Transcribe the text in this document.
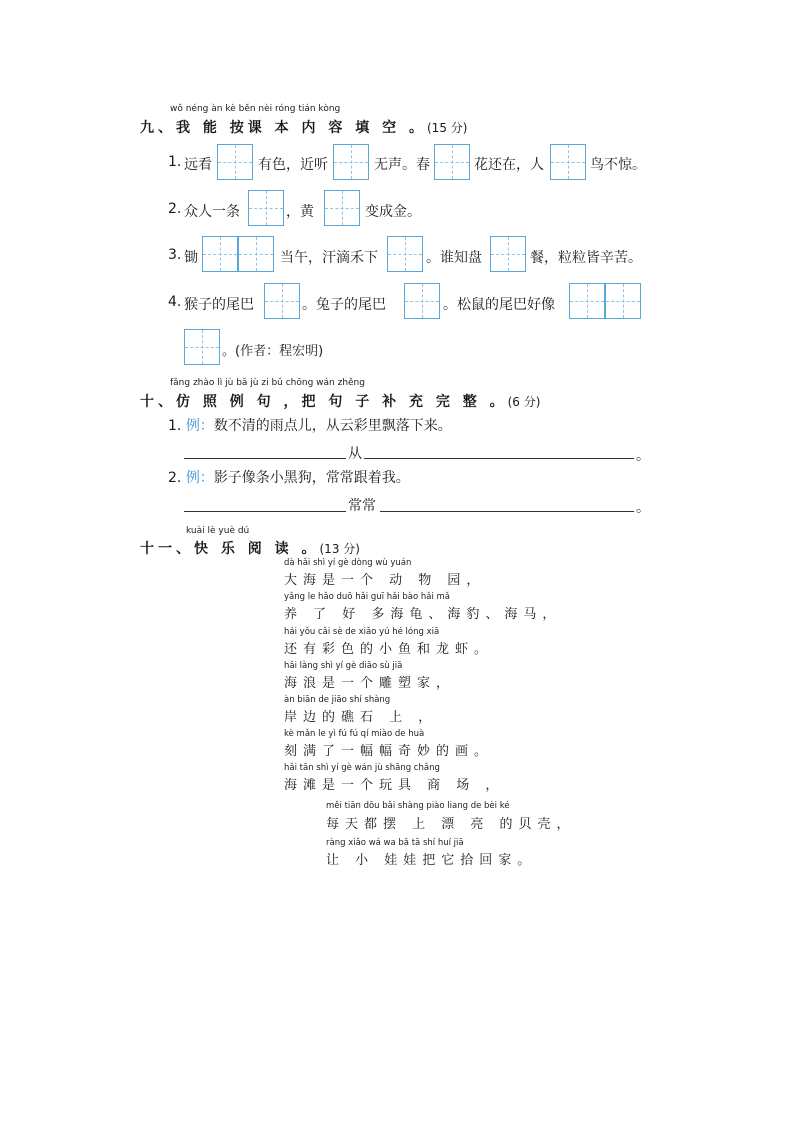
wǒ néng àn kè běn nèi róng tián kòng
九、我 能 按课 本 内 容 填 空 。(15 分)
1. 远看	有色，近听	无声。春	花还在，人	鸟不惊。
2. 众人一条	，黄	变成金。
3. 锄	当午，汗滴禾下	。谁知盘	餐，粒粒皆辛苦。
4. 猴子的尾巴	。兔子的尾巴	。松鼠的尾巴好像
。(作者：程宏明)
fǎng zhào lì jù bǎ jù zi bǔ chōng wán zhěng
十、仿 照 例 句 ，把 句 子 补 充 完 整 。(6 分)
1. 例：数不清的雨点儿，从云彩里飘落下来。
从	。
2. 例：影子像条小黑狗，常常跟着我。
常常	。
kuài lè yuè dú
十一、快 乐 阅 读 。(13 分)
dà hǎi shì yí gè dòng wù yuán
大海是一个 动 物 园，
yǎng le hǎo duō hǎi guī hǎi bào hǎi mǎ
养 了 好 多海龟、海豹、海马，
hái yǒu cǎi sè de xiǎo yú hé lóng xiā
还有彩色的小鱼和龙虾。
hǎi làng shì yí gè diāo sù jiā
海浪是一个雕塑家，
àn biān de jiāo shí shàng
岸边的礁石 上 ，
kè mǎn le yì fú fú qí miào de huà
刻满了一幅幅奇妙的画。
hǎi tān shì yí gè wán jù shāng chǎng
海滩是一个玩具 商 场 ，
měi tiān dōu bǎi shàng piào liang de bèi ké
每天都摆 上 漂 亮 的贝壳，
ràng xiǎo wá wa bǎ tā shí huí jiā
让 小 娃娃把它拾回家。
